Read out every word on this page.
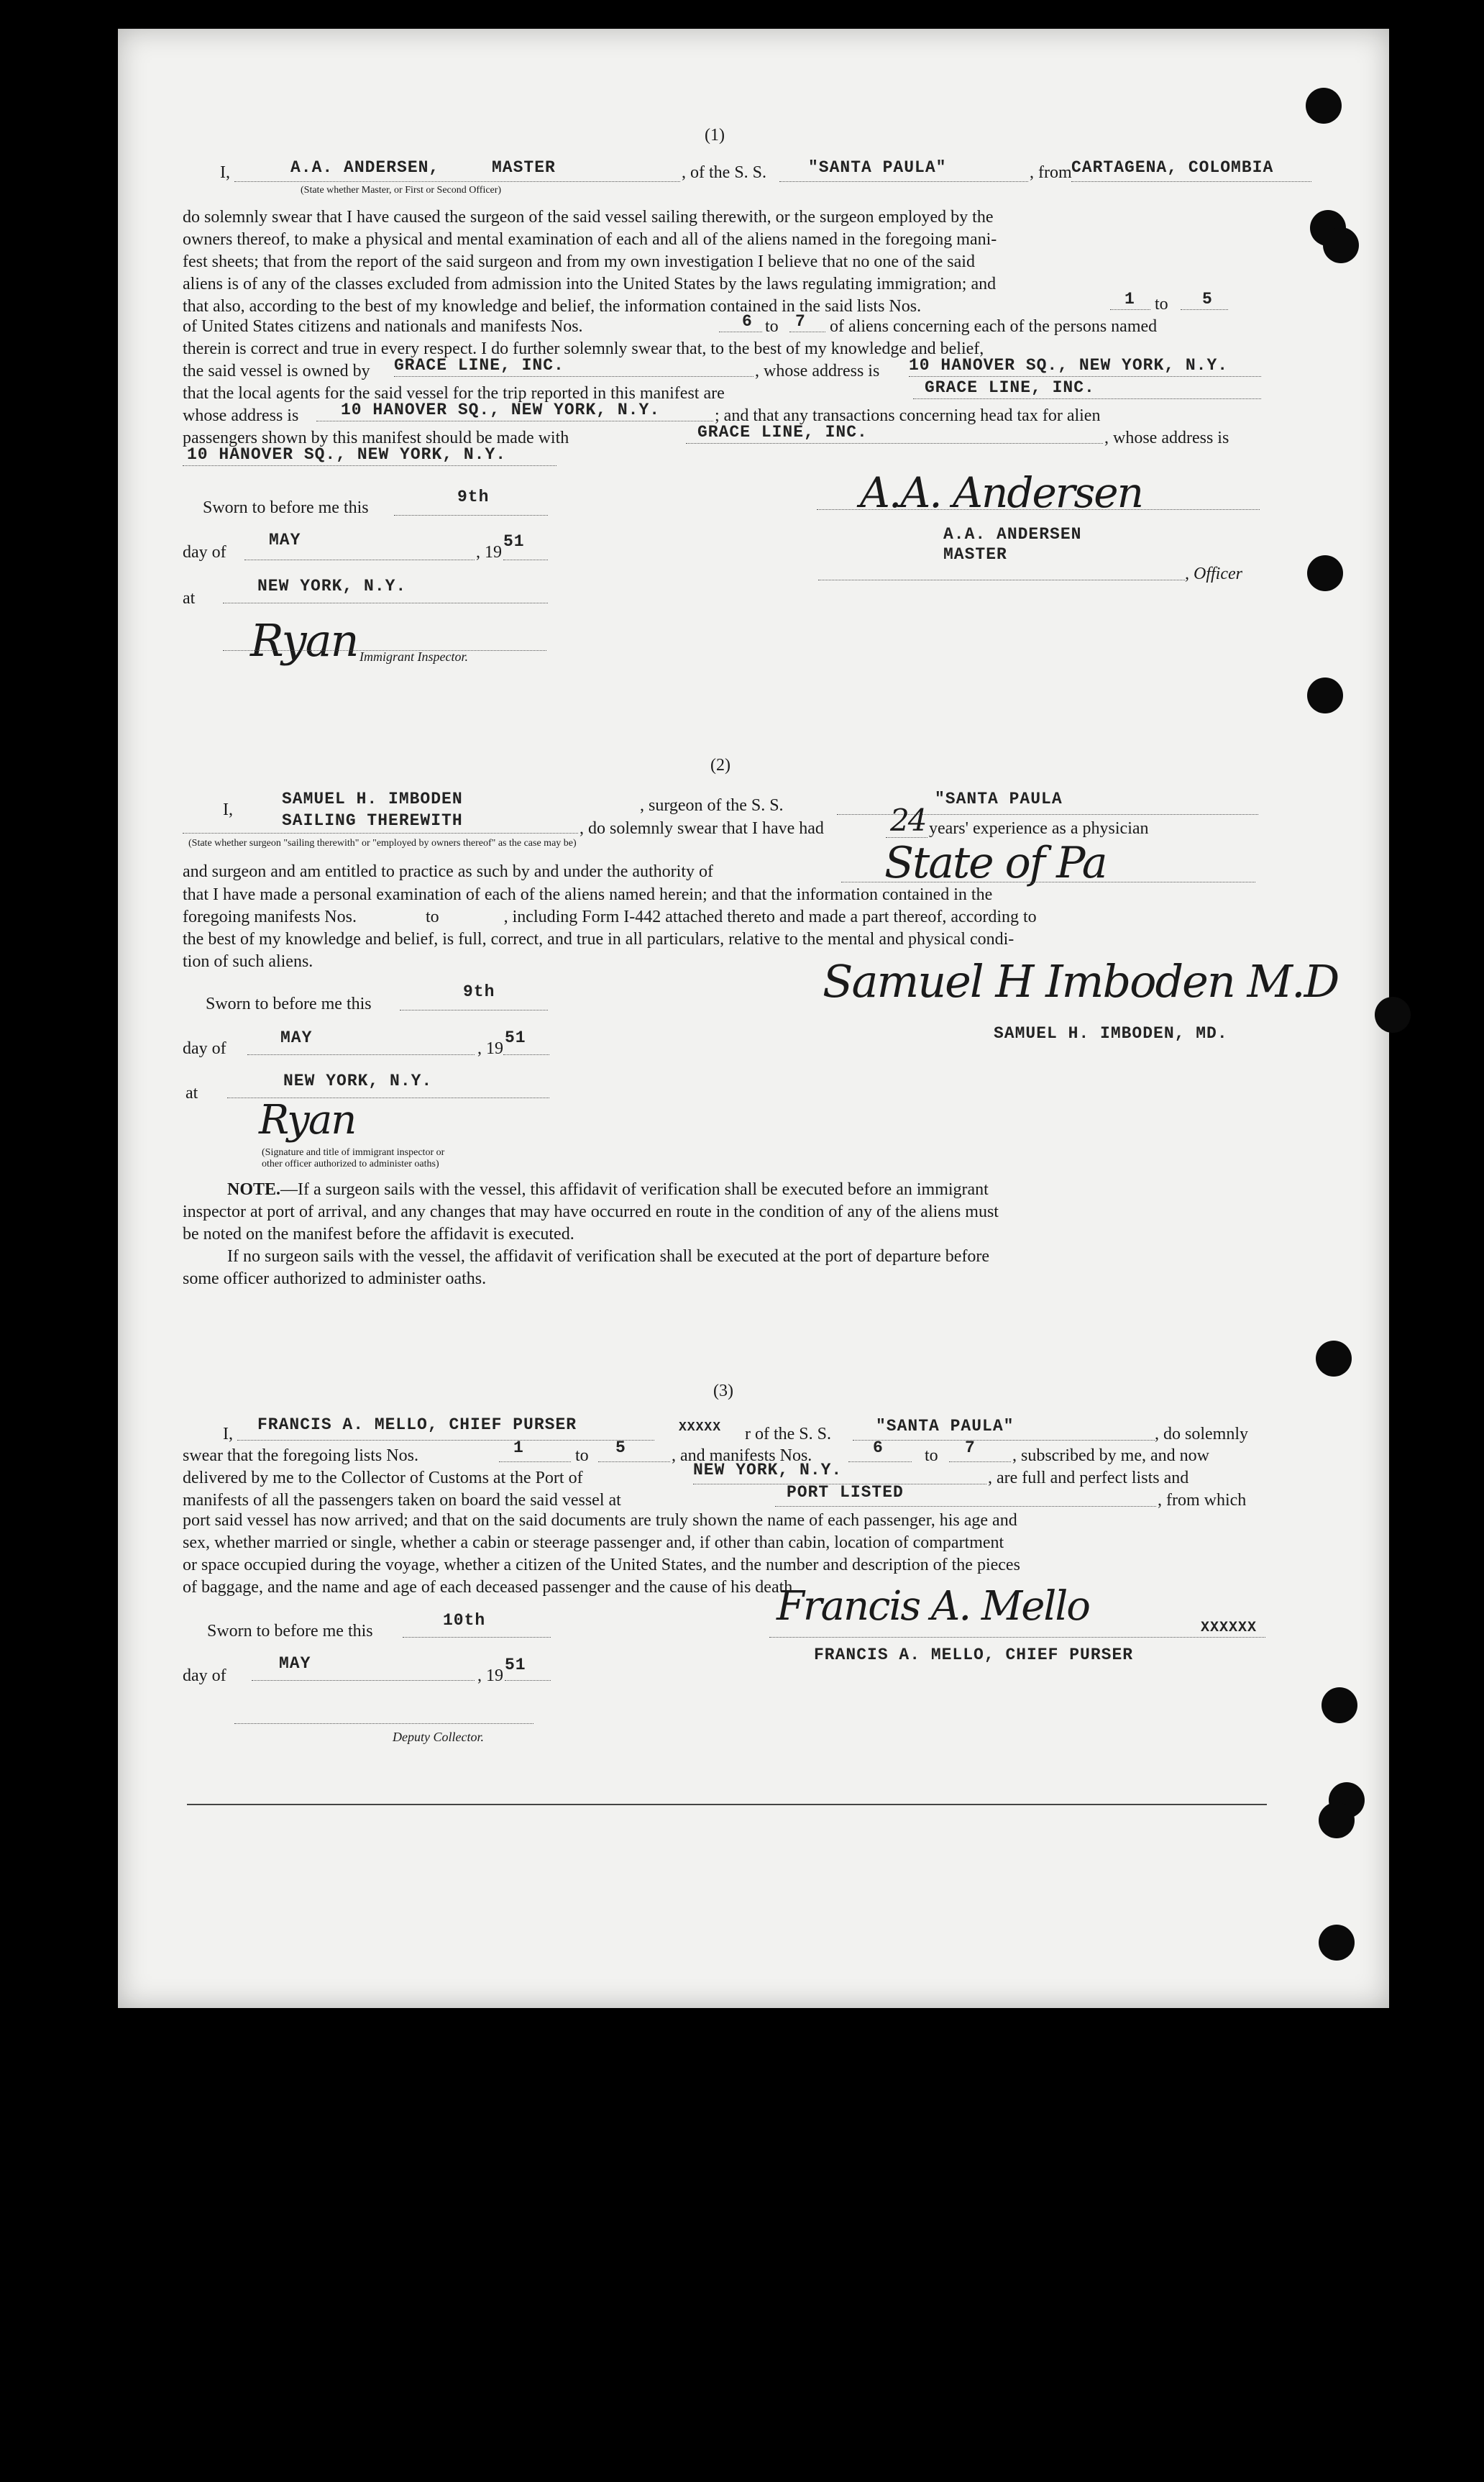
(1)
I,	A.A. ANDERSEN,	MASTER	, of the S. S.	"SANTA PAULA"	, from CARTAGENA, COLOMBIA
(State whether Master, or First or Second Officer)
do solemnly swear that I have caused the surgeon of the said vessel sailing therewith, or the surgeon employed by the
owners thereof, to make a physical and mental examination of each and all of the aliens named in the foregoing mani-
fest sheets; that from the report of the said surgeon and from my own investigation I believe that no one of the said
aliens is of any of the classes excluded from admission into the United States by the laws regulating immigration; and
that also, according to the best of my knowledge and belief, the information contained in the said lists Nos.	1 to 5
of United States citizens and nationals and manifests Nos.	6 to 7 of aliens concerning each of the persons named
therein is correct and true in every respect. I do further solemnly swear that, to the best of my knowledge and belief,
the said vessel is owned by GRACE LINE, INC.	, whose address is 10 HANOVER SQ., NEW YORK, N.Y.
that the local agents for the said vessel for the trip reported in this manifest are	GRACE LINE, INC.
whose address is	10 HANOVER SQ., NEW YORK, N.Y.	; and that any transactions concerning head tax for alien
passengers shown by this manifest should be made with	GRACE LINE, INC.	, whose address is
10 HANOVER SQ., NEW YORK, N.Y.
Sworn to before me this
9th
day of
MAY
, 19
51
at
NEW YORK, N.Y.
Ryan Immigrant Inspector.
A.A. Andersen
A.A. ANDERSEN
MASTER
, Officer
(2)
I,
SAMUEL H. IMBODEN
SAILING THEREWITH
, surgeon of the S. S.	"SANTA PAULA
, do solemnly swear that I have had 24 years' experience as a physician
(State whether surgeon "sailing therewith" or "employed by owners thereof" as the case may be)
and surgeon and am entitled to practice as such by and under the authority of	State of Pa
that I have made a personal examination of each of the aliens named herein; and that the information contained in the
foregoing manifests Nos.                to               , including Form I-442 attached thereto and made a part thereof, according to
the best of my knowledge and belief, is full, correct, and true in all particulars, relative to the mental and physical condi-
tion of such aliens.
Sworn to before me this
9th
day of
MAY
, 19
51
at
NEW YORK, N.Y.
Ryan
(Signature and title of immigrant inspector or
other officer authorized to administer oaths)
Samuel H Imboden M.D
SAMUEL H. IMBODEN, MD.
NOTE.—If a surgeon sails with the vessel, this affidavit of verification shall be executed before an immigrant
inspector at port of arrival, and any changes that may have occurred en route in the condition of any of the aliens must
be noted on the manifest before the affidavit is executed.
If no surgeon sails with the vessel, the affidavit of verification shall be executed at the port of departure before
some officer authorized to administer oaths.
(3)
I, FRANCIS A. MELLO, CHIEF PURSER	XXXXX r of the S. S.	"SANTA PAULA"	, do solemnly
swear that the foregoing lists Nos.	1	to 5	, and manifests Nos.	6 to 7 , subscribed by me, and now
delivered by me to the Collector of Customs at the Port of	NEW YORK, N.Y.	, are full and perfect lists and
manifests of all the passengers taken on board the said vessel at	PORT LISTED	, from which
port said vessel has now arrived; and that on the said documents are truly shown the name of each passenger, his age and
sex, whether married or single, whether a cabin or steerage passenger and, if other than cabin, location of compartment
or space occupied during the voyage, whether a citizen of the United States, and the number and description of the pieces
of baggage, and the name and age of each deceased passenger and the cause of his death.
Sworn to before me this
10th
day of
MAY
, 19
51
Deputy Collector.
Francis A. Mello	XXXXXX
FRANCIS A. MELLO, CHIEF PURSER
